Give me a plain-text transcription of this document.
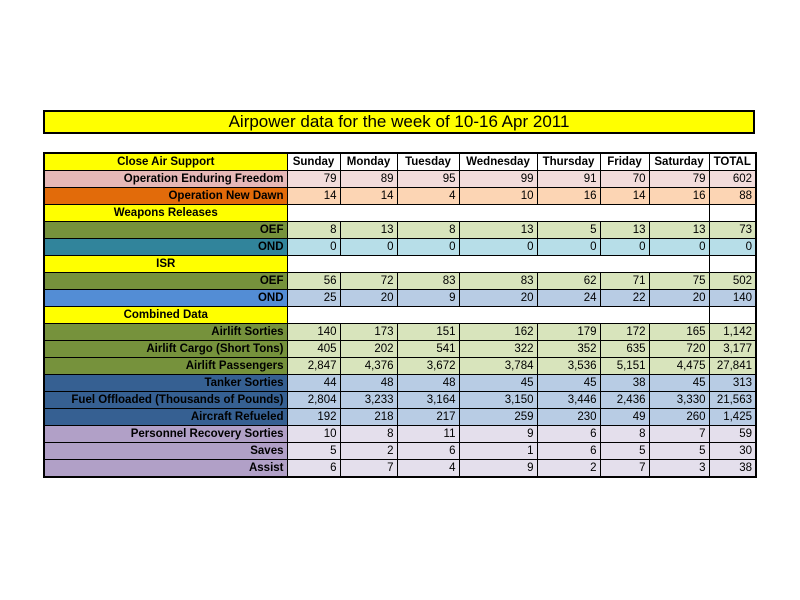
Airpower data for the week of 10-16 Apr 2011
Close Air Support	Sunday	Monday	Tuesday	Wednesday	Thursday	Friday	Saturday	TOTAL
Operation Enduring Freedom	79	89	95	99	91	70	79	602
Operation New Dawn	14	14	4	10	16	14	16	88
Weapons Releases								
OEF	8	13	8	13	5	13	13	73
OND	0	0	0	0	0	0	0	0
ISR								
OEF	56	72	83	83	62	71	75	502
OND	25	20	9	20	24	22	20	140
Combined Data								
Airlift Sorties	140	173	151	162	179	172	165	1,142
Airlift Cargo (Short Tons)	405	202	541	322	352	635	720	3,177
Airlift Passengers	2,847	4,376	3,672	3,784	3,536	5,151	4,475	27,841
Tanker Sorties	44	48	48	45	45	38	45	313
Fuel Offloaded (Thousands of Pounds)	2,804	3,233	3,164	3,150	3,446	2,436	3,330	21,563
Aircraft Refueled	192	218	217	259	230	49	260	1,425
Personnel Recovery Sorties	10	8	11	9	6	8	7	59
Saves	5	2	6	1	6	5	5	30
Assist	6	7	4	9	2	7	3	38
